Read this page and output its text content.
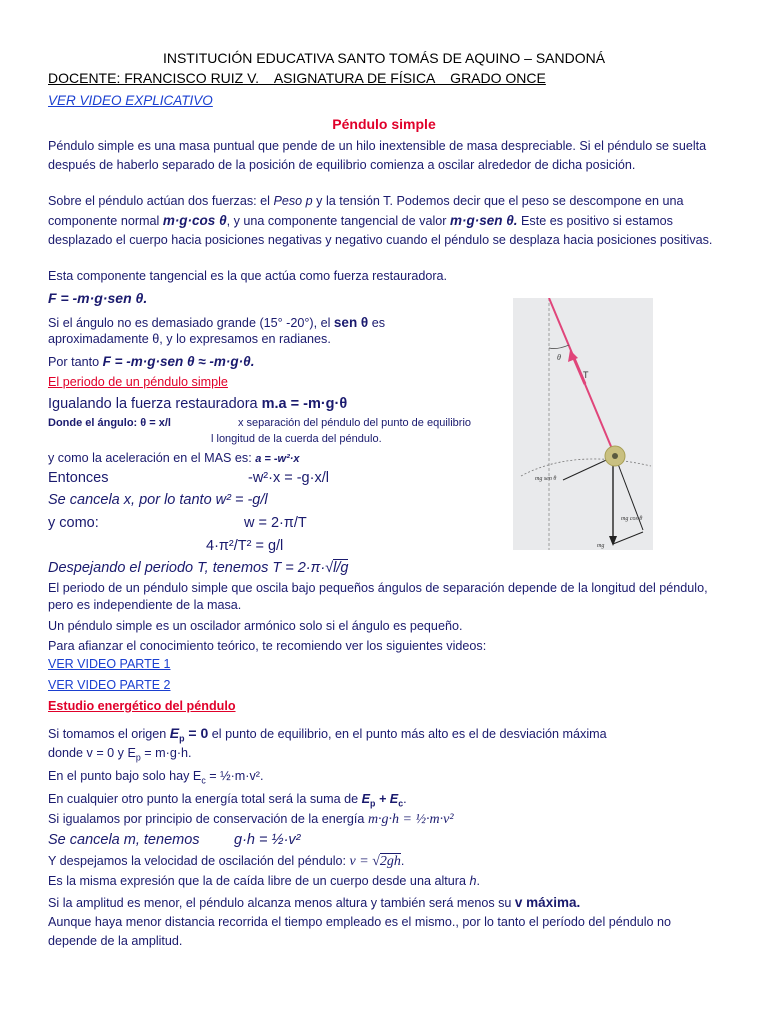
INSTITUCIÓN EDUCATIVA SANTO TOMÁS DE AQUINO – SANDONÁ
DOCENTE: FRANCISCO RUIZ V.    ASIGNATURA DE FÍSICA    GRADO ONCE
VER VIDEO EXPLICATIVO
Péndulo simple
Péndulo simple es una masa puntual que pende de un hilo inextensible de masa despreciable. Si el péndulo se suelta después de haberlo separado de la posición de equilibrio comienza a oscilar alrededor de dicha posición.
Sobre el péndulo actúan dos fuerzas: el Peso p y la tensión T. Podemos decir que el peso se descompone en una componente normal m·g·cos θ, y una componente tangencial de valor m·g·sen θ. Este es positivo si estamos desplazado el cuerpo hacia posiciones negativas y negativo cuando el péndulo se desplaza hacia posiciones positivas.
Esta componente tangencial es la que actúa como fuerza restauradora.
F = -m·g·sen θ.
Si el ángulo no es demasiado grande (15° -20°), el sen θ es
aproximadamente θ, y lo expresamos en radianes.
Por tanto F = -m·g·sen θ ≈ -m·g·θ.
El periodo de un péndulo simple
Igualando la fuerza restauradora m.a = -m·g·θ
Donde el ángulo: θ = x/l	x separación del péndulo del punto de equilibrio
l longitud de la cuerda del péndulo.
y como la aceleración en el MAS es: a = -w²·x
Entonces	-w²·x = -g·x/l
Se cancela x, por lo tanto w² = -g/l
y como:	w = 2·π/T
4·π²/T² = g/l
Despejando el periodo T, tenemos T = 2·π·√l/g
El periodo de un péndulo simple que oscila bajo pequeños ángulos de separación depende de la longitud del péndulo, pero es independiente de la masa.
Un péndulo simple es un oscilador armónico solo si el ángulo es pequeño.
Para afianzar el conocimiento teórico, te recomiendo ver los siguientes videos:
VER VIDEO PARTE 1
VER VIDEO PARTE 2
Estudio energético del péndulo
Si tomamos el origen $E_p = 0$ el punto de equilibrio, en el punto más alto es el de desviación máxima
donde v = 0 y $E_p = m\cdot g\cdot h$.
En el punto bajo solo hay $E_c$ = ½·m·v².
En cualquier otro punto la energía total será la suma de $E_p + E_c$.
Si igualamos por principio de conservación de la energía m·g·h = ½·m·v²
Se cancela m, tenemos g·h = ½·v²
Y despejamos la velocidad de oscilación del péndulo: v = √2gh.
Es la misma expresión que la de caída libre de un cuerpo desde una altura h.
Si la amplitud es menor, el péndulo alcanza menos altura y también será menos su v máxima.
Aunque haya menor distancia recorrida el tiempo empleado es el mismo., por lo tanto el período del péndulo no depende de la amplitud.
θ
T
mg sen θ
mg cos θ
mg
